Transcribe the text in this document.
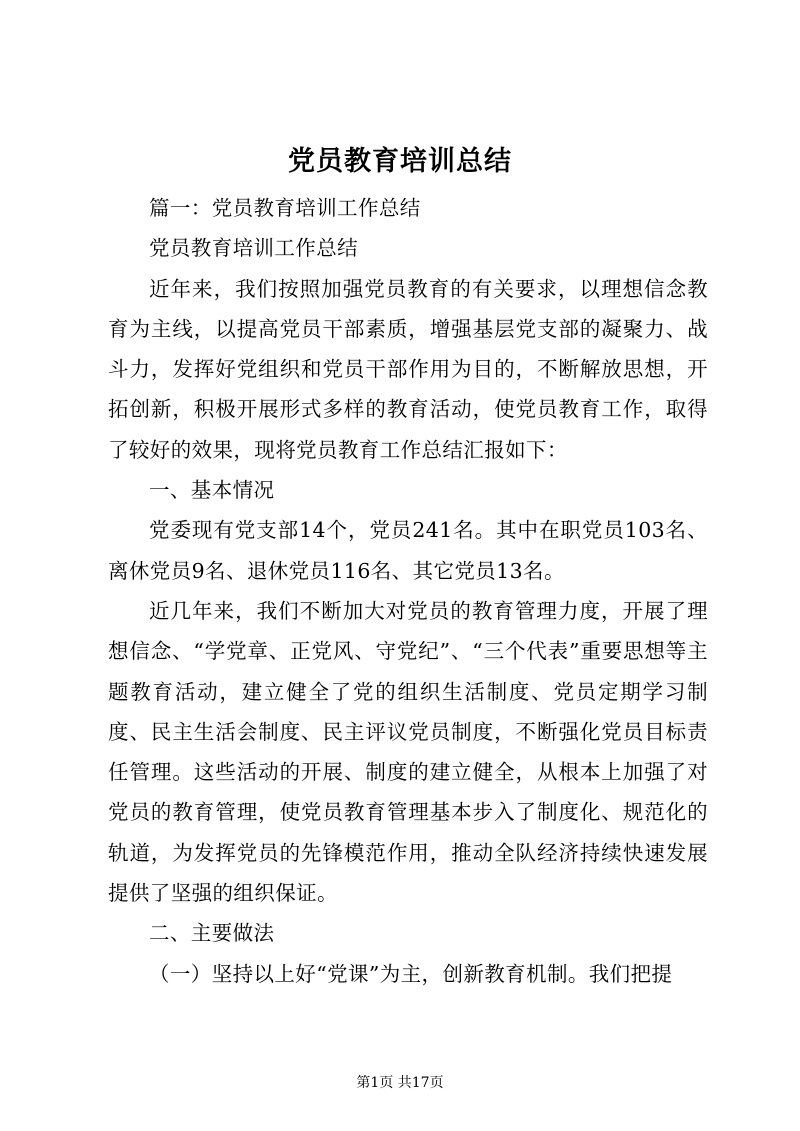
党员教育培训总结

篇一：党员教育培训工作总结

党员教育培训工作总结

近年来，我们按照加强党员教育的有关要求，以理想信念教育为主线，以提高党员干部素质，增强基层党支部的凝聚力、战斗力，发挥好党组织和党员干部作用为目的，不断解放思想，开拓创新，积极开展形式多样的教育活动，使党员教育工作，取得了较好的效果，现将党员教育工作总结汇报如下：

一、基本情况

党委现有党支部14个，党员241名。其中在职党员103名、离休党员9名、退休党员116名、其它党员13名。

近几年来，我们不断加大对党员的教育管理力度，开展了理想信念、“学党章、正党风、守党纪”、“三个代表”重要思想等主题教育活动，建立健全了党的组织生活制度、党员定期学习制度、民主生活会制度、民主评议党员制度，不断强化党员目标责任管理。这些活动的开展、制度的建立健全，从根本上加强了对党员的教育管理，使党员教育管理基本步入了制度化、规范化的轨道，为发挥党员的先锋模范作用，推动全队经济持续快速发展提供了坚强的组织保证。

二、主要做法

（一）坚持以上好“党课”为主，创新教育机制。我们把提

第1页 共17页
